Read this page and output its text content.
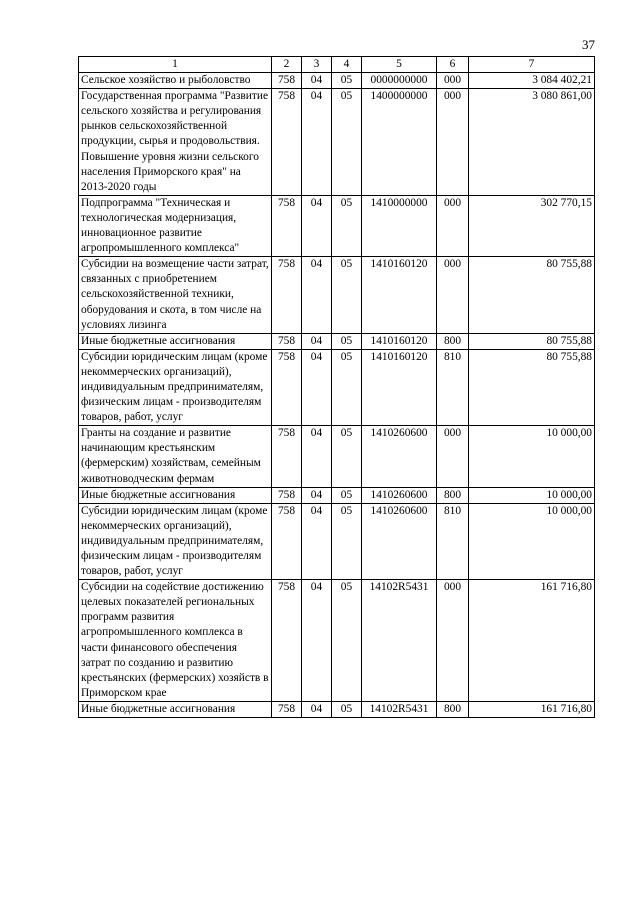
37
1	2	3	4	5	6	7
Сельское хозяйство и рыболовство	758	04	05	0000000000	000	3 084 402,21
Государственная программа "Развитие сельского хозяйства и регулирования рынков сельскохозяйственной продукции, сырья и продовольствия. Повышение уровня жизни сельского населения Приморского края" на 2013-2020 годы	758	04	05	1400000000	000	3 080 861,00
Подпрограмма "Техническая и технологическая модернизация, инновационное развитие агропромышленного комплекса"	758	04	05	1410000000	000	302 770,15
Субсидии на возмещение части затрат, связанных с приобретением сельскохозяйственной техники, оборудования и скота, в том числе на условиях лизинга	758	04	05	1410160120	000	80 755,88
Иные бюджетные ассигнования	758	04	05	1410160120	800	80 755,88
Субсидии юридическим лицам (кроме некоммерческих организаций), индивидуальным предпринимателям, физическим лицам - производителям товаров, работ, услуг	758	04	05	1410160120	810	80 755,88
Гранты на создание и развитие начинающим крестьянским (фермерским) хозяйствам, семейным животноводческим фермам	758	04	05	1410260600	000	10 000,00
Иные бюджетные ассигнования	758	04	05	1410260600	800	10 000,00
Субсидии юридическим лицам (кроме некоммерческих организаций), индивидуальным предпринимателям, физическим лицам - производителям товаров, работ, услуг	758	04	05	1410260600	810	10 000,00
Субсидии на содействие достижению целевых показателей региональных программ развития агропромышленного комплекса в части финансового обеспечения затрат по созданию и развитию крестьянских (фермерских) хозяйств в Приморском крае	758	04	05	14102R5431	000	161 716,80
Иные бюджетные ассигнования	758	04	05	14102R5431	800	161 716,80
